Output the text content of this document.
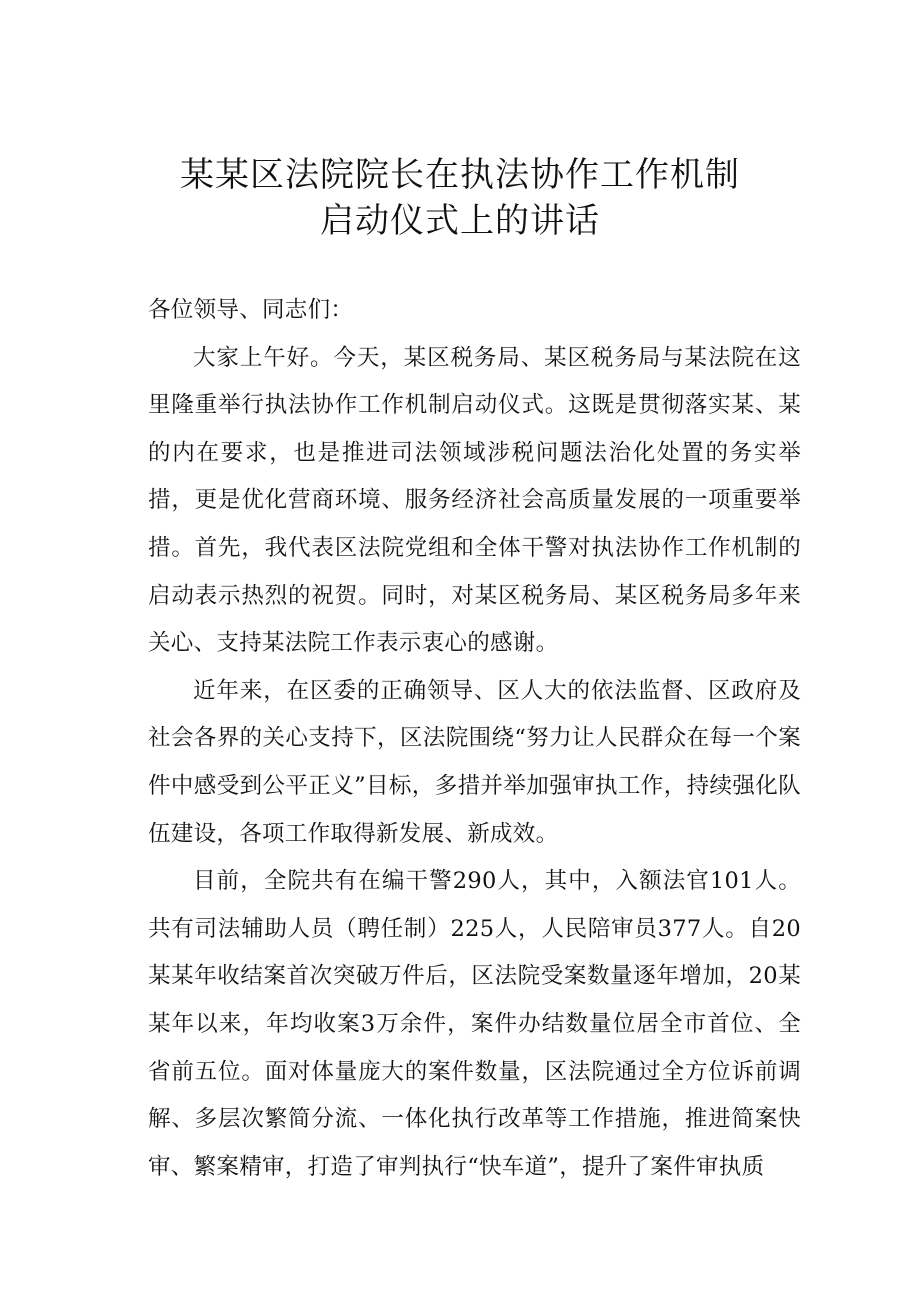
某某区法院院长在执法协作工作机制

启动仪式上的讲话

各位领导、同志们：

大家上午好。今天，某区税务局、某区税务局与某法院在这里隆重举行执法协作工作机制启动仪式。这既是贯彻落实某、某的内在要求，也是推进司法领域涉税问题法治化处置的务实举措，更是优化营商环境、服务经济社会高质量发展的一项重要举措。首先，我代表区法院党组和全体干警对执法协作工作机制的启动表示热烈的祝贺。同时，对某区税务局、某区税务局多年来关心、支持某法院工作表示衷心的感谢。

近年来，在区委的正确领导、区人大的依法监督、区政府及社会各界的关心支持下，区法院围绕“努力让人民群众在每一个案件中感受到公平正义”目标，多措并举加强审执工作，持续强化队伍建设，各项工作取得新发展、新成效。

目前，全院共有在编干警290人，其中，入额法官101人。共有司法辅助人员（聘任制）225人，人民陪审员377人。自20某某年收结案首次突破万件后，区法院受案数量逐年增加，20某某年以来，年均收案3万余件，案件办结数量位居全市首位、全省前五位。面对体量庞大的案件数量，区法院通过全方位诉前调解、多层次繁简分流、一体化执行改革等工作措施，推进简案快审、繁案精审，打造了审判执行“快车道”，提升了案件审执质
